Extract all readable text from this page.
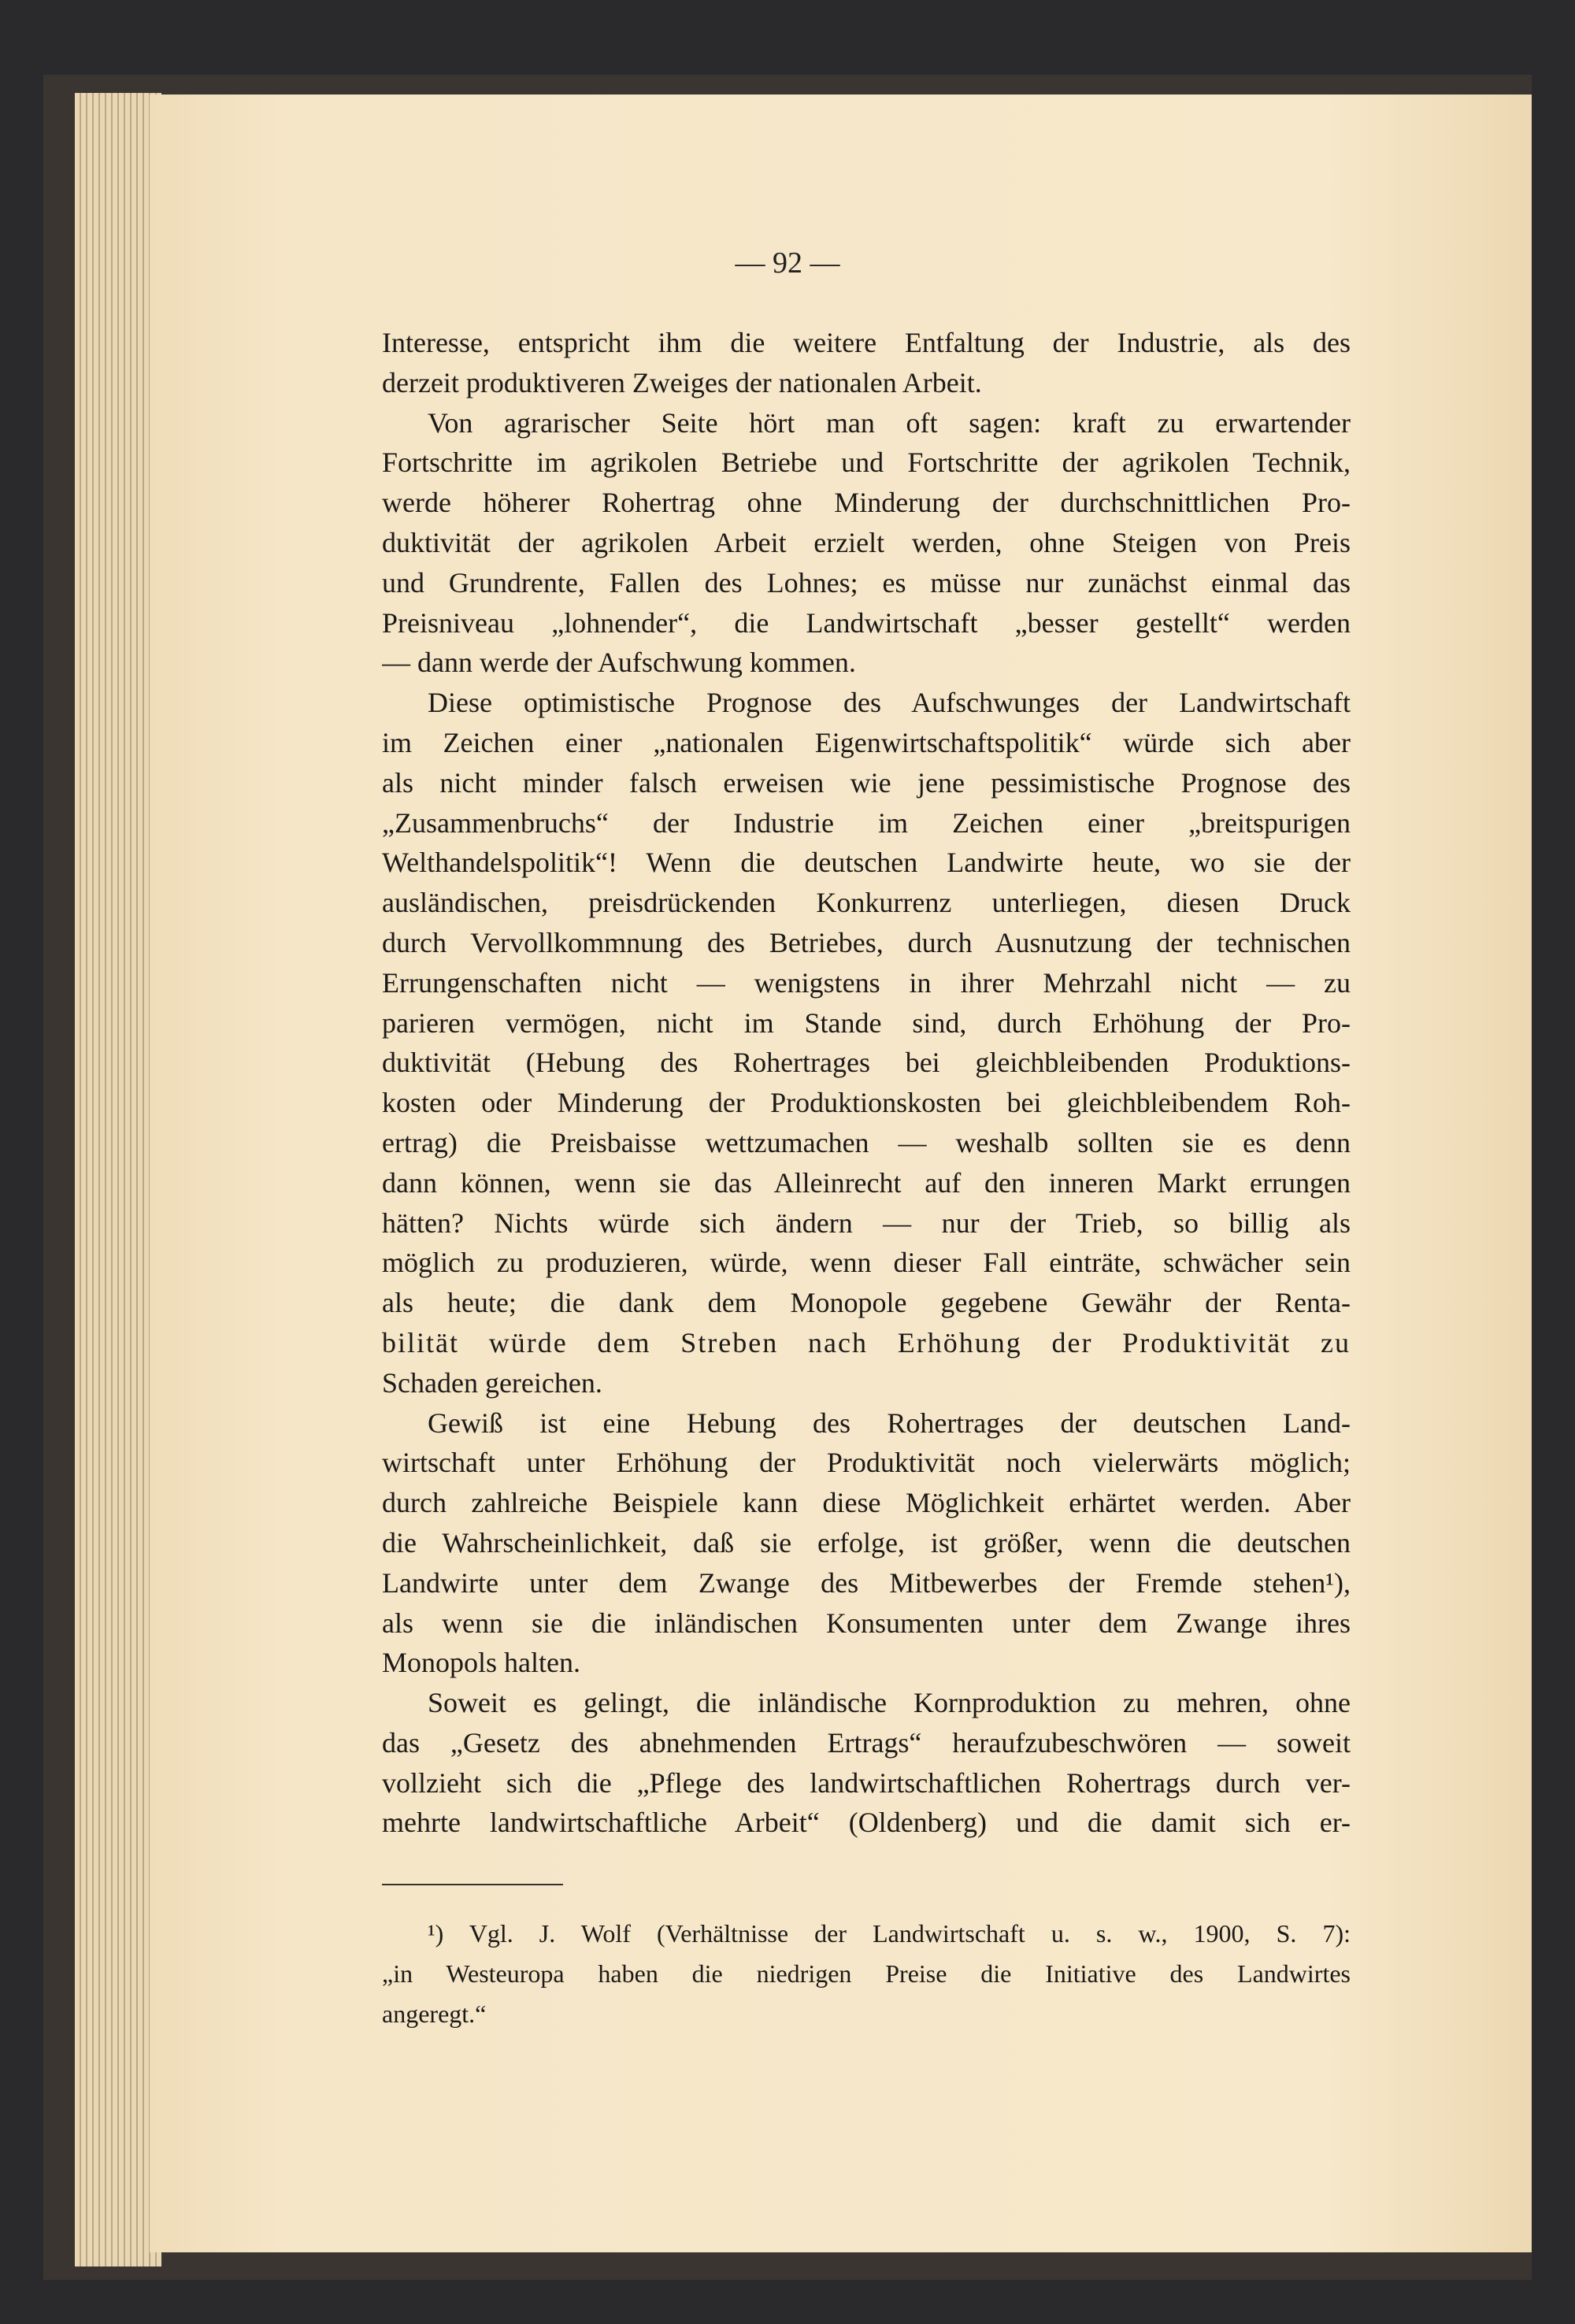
— 92 —
Interesse, entspricht ihm die weitere Entfaltung der Industrie, als des
derzeit produktiveren Zweiges der nationalen Arbeit.
Von agrarischer Seite hört man oft sagen: kraft zu erwartender
Fortschritte im agrikolen Betriebe und Fortschritte der agrikolen Technik,
werde höherer Rohertrag ohne Minderung der durchschnittlichen Pro-
duktivität der agrikolen Arbeit erzielt werden, ohne Steigen von Preis
und Grundrente, Fallen des Lohnes; es müsse nur zunächst einmal das
Preisniveau „lohnender“, die Landwirtschaft „besser gestellt“ werden
— dann werde der Aufschwung kommen.
Diese optimistische Prognose des Aufschwunges der Landwirtschaft
im Zeichen einer „nationalen Eigenwirtschaftspolitik“ würde sich aber
als nicht minder falsch erweisen wie jene pessimistische Prognose des
„Zusammenbruchs“ der Industrie im Zeichen einer „breitspurigen
Welthandelspolitik“! Wenn die deutschen Landwirte heute, wo sie der
ausländischen, preisdrückenden Konkurrenz unterliegen, diesen Druck
durch Vervollkommnung des Betriebes, durch Ausnutzung der technischen
Errungenschaften nicht — wenigstens in ihrer Mehrzahl nicht — zu
parieren vermögen, nicht im Stande sind, durch Erhöhung der Pro-
duktivität (Hebung des Rohertrages bei gleichbleibenden Produktions-
kosten oder Minderung der Produktionskosten bei gleichbleibendem Roh-
ertrag) die Preisbaisse wettzumachen — weshalb sollten sie es denn
dann können, wenn sie das Alleinrecht auf den inneren Markt errungen
hätten? Nichts würde sich ändern — nur der Trieb, so billig als
möglich zu produzieren, würde, wenn dieser Fall einträte, schwächer sein
als heute; die dank dem Monopole gegebene Gewähr der Renta-
bilität würde dem Streben nach Erhöhung der Produktivität zu
Schaden gereichen.
Gewiß ist eine Hebung des Rohertrages der deutschen Land-
wirtschaft unter Erhöhung der Produktivität noch vielerwärts möglich;
durch zahlreiche Beispiele kann diese Möglichkeit erhärtet werden. Aber
die Wahrscheinlichkeit, daß sie erfolge, ist größer, wenn die deutschen
Landwirte unter dem Zwange des Mitbewerbes der Fremde stehen¹),
als wenn sie die inländischen Konsumenten unter dem Zwange ihres
Monopols halten.
Soweit es gelingt, die inländische Kornproduktion zu mehren, ohne
das „Gesetz des abnehmenden Ertrags“ heraufzubeschwören — soweit
vollzieht sich die „Pflege des landwirtschaftlichen Rohertrags durch ver-
mehrte landwirtschaftliche Arbeit“ (Oldenberg) und die damit sich er-
¹) Vgl. J. Wolf (Verhältnisse der Landwirtschaft u. s. w., 1900, S. 7):
„in Westeuropa haben die niedrigen Preise die Initiative des Landwirtes
angeregt.“
